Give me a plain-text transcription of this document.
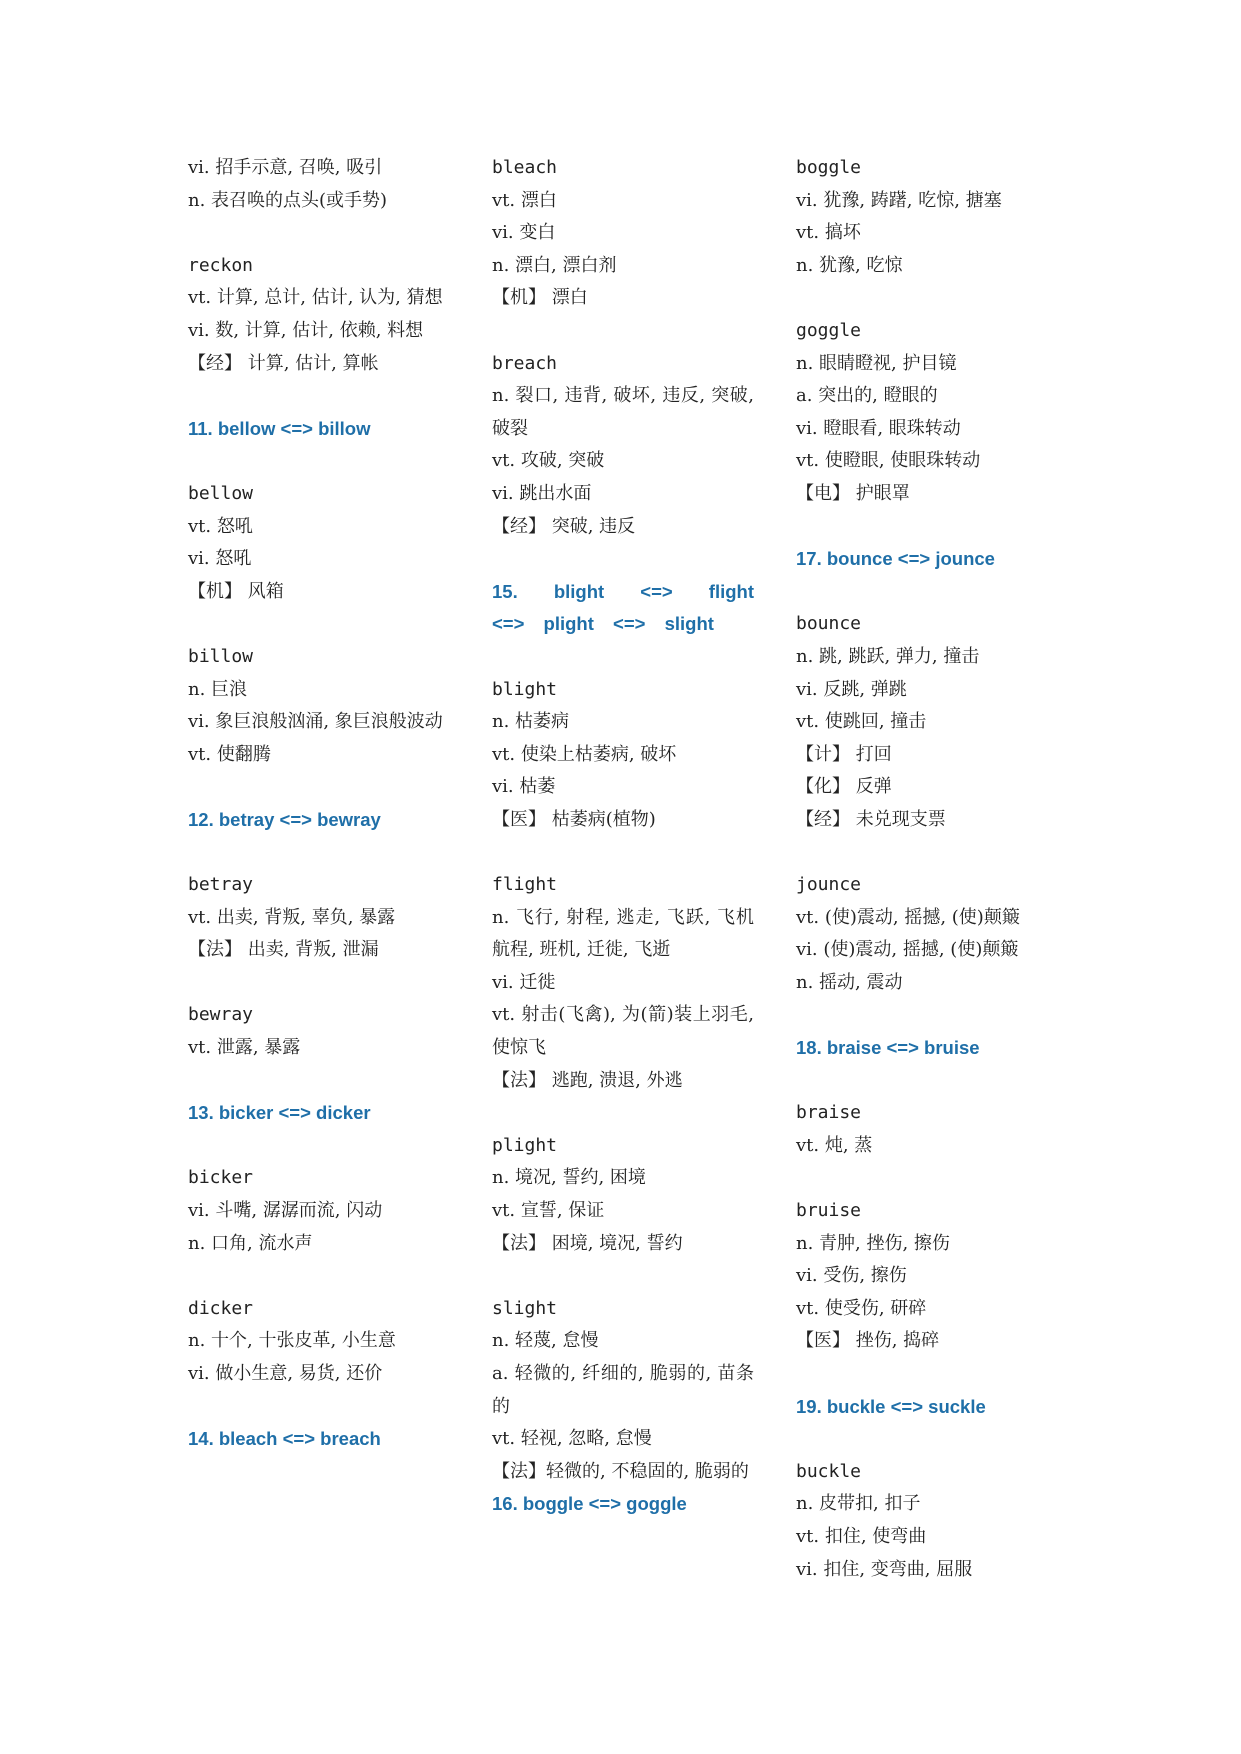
vi. 招手示意, 召唤, 吸引
n. 表召唤的点头(或手势)
reckon
vt. 计算, 总计, 估计, 认为, 猜想
vi. 数, 计算, 估计, 依赖, 料想
【经】 计算, 估计, 算帐
11. bellow <=> billow
bellow
vt. 怒吼
vi. 怒吼
【机】 风箱
billow
n. 巨浪
vi. 象巨浪般汹涌, 象巨浪般波动
vt. 使翻腾
12. betray <=> bewray
betray
vt. 出卖, 背叛, 辜负, 暴露
【法】 出卖, 背叛, 泄漏
bewray
vt. 泄露, 暴露
13. bicker <=> dicker
bicker
vi. 斗嘴, 潺潺而流, 闪动
n. 口角, 流水声
dicker
n. 十个, 十张皮革, 小生意
vi. 做小生意, 易货, 还价
14. bleach <=> breach
bleach
vt. 漂白
vi. 变白
n. 漂白, 漂白剂
【机】 漂白
breach
n. 裂口, 违背, 破坏, 违反, 突破, 破裂
vt. 攻破, 突破
vi. 跳出水面
【经】 突破, 违反
15. blight <=> flight <=> plight <=> slight
blight
n. 枯萎病
vt. 使染上枯萎病, 破坏
vi. 枯萎
【医】 枯萎病(植物)
flight
n. 飞行, 射程, 逃走, 飞跃, 飞机航程, 班机, 迁徙, 飞逝
vi. 迁徙
vt. 射击(飞禽), 为(箭)装上羽毛, 使惊飞
【法】 逃跑, 溃退, 外逃
plight
n. 境况, 誓约, 困境
vt. 宣誓, 保证
【法】 困境, 境况, 誓约
slight
n. 轻蔑, 怠慢
a. 轻微的, 纤细的, 脆弱的, 苗条的
vt. 轻视, 忽略, 怠慢
【法】轻微的, 不稳固的, 脆弱的
16. boggle <=> goggle
boggle
vi. 犹豫, 踌躇, 吃惊, 搪塞
vt. 搞坏
n. 犹豫, 吃惊
goggle
n. 眼睛瞪视, 护目镜
a. 突出的, 瞪眼的
vi. 瞪眼看, 眼珠转动
vt. 使瞪眼, 使眼珠转动
【电】 护眼罩
17. bounce <=> jounce
bounce
n. 跳, 跳跃, 弹力, 撞击
vi. 反跳, 弹跳
vt. 使跳回, 撞击
【计】 打回
【化】 反弹
【经】 未兑现支票
jounce
vt. (使)震动, 摇撼, (使)颠簸
vi. (使)震动, 摇撼, (使)颠簸
n. 摇动, 震动
18. braise <=> bruise
braise
vt. 炖, 蒸
bruise
n. 青肿, 挫伤, 擦伤
vi. 受伤, 擦伤
vt. 使受伤, 研碎
【医】 挫伤, 捣碎
19. buckle <=> suckle
buckle
n. 皮带扣, 扣子
vt. 扣住, 使弯曲
vi. 扣住, 变弯曲, 屈服
